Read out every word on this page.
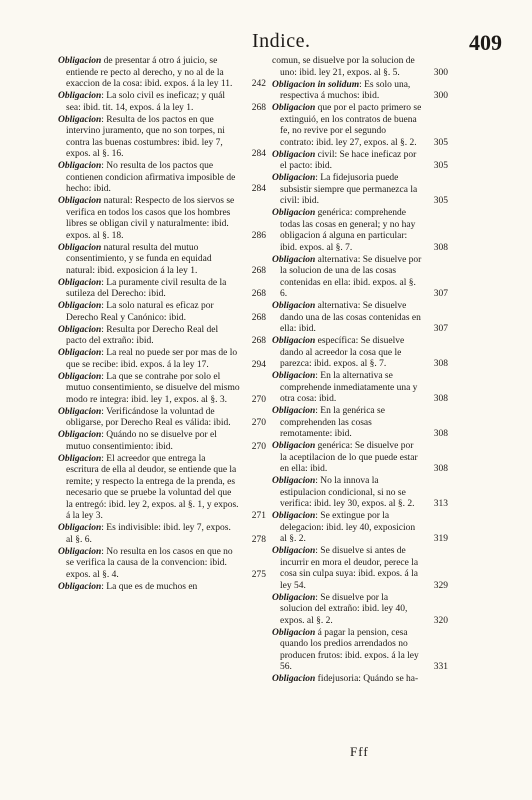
Indice.	409
Obligacion de presentar á otro á juicio, se entiende re pecto al derecho, y no al de la exaccion de la cosa: ibid. expos. á la ley 11. 242
Obligacion: La solo civil es ineficaz; y quál sea: ibid. tit. 14, expos. á la ley 1.	268
Obligacion: Resulta de los pactos en que intervino juramento, que no son torpes, ni contra las buenas costumbres: ibid. ley 7, expos. al §. 16.	284
Obligacion: No resulta de los pactos que contienen condicion afirmativa imposible de hecho: ibid.	284
Obligacion natural: Respecto de los siervos se verifica en todos los casos que los hombres libres se obligan civil y naturalmente: ibid. expos. al §. 18.	286
Obligacion natural resulta del mutuo consentimiento, y se funda en equidad natural: ibid. exposicion á la ley 1.	268
Obligacion: La puramente civil resulta de la sutileza del Derecho: ibid.	268
Obligacion: La solo natural es eficaz por Derecho Real y Canónico: ibid.	268
Obligacion: Resulta por Derecho Real del pacto del extraño: ibid.	268
Obligacion: La real no puede ser por mas de lo que se recibe: ibid. expos. á la ley 17.	294
Obligacion: La que se contrahe por solo el mutuo consentimiento, se disuelve del mismo modo re integra: ibid. ley 1, expos. al §. 3.	270
Obligacion: Verificándose la voluntad de obligarse, por Derecho Real es válida: ibid. 270
Obligacion: Quándo no se disuelve por el mutuo consentimiento: ibid.	270
Obligacion: El acreedor que entrega la escritura de ella al deudor, se entiende que la remite; y respecto la entrega de la prenda, es necesario que se pruebe la voluntad del que la entregó: ibid. ley 2, expos. al §. 1, y expos. á la ley 3.	271
Obligacion: Es indivisible: ibid. ley 7, expos. al §. 6.	278
Obligacion: No resulta en los casos en que no se verifica la causa de la convencion: ibid. expos. al §. 4.	275
Obligacion: La que es de muchos en
comun, se disuelve por la solucion de uno: ibid. ley 21, expos. al §. 5.	300
Obligacion in solidum: Es solo una, respectiva á muchos: ibid.	300
Obligacion que por el pacto primero se extinguió, en los contratos de buena fe, no revive por el segundo contrato: ibid. ley 27, expos. al §. 2. 305
Obligacion civil: Se hace ineficaz por el pacto: ibid.	305
Obligacion: La fidejusoria puede subsistir siempre que permanezca la civil: ibid.	305
Obligacion genérica: comprehende todas las cosas en general; y no hay obligacion á alguna en particular: ibid. expos. al §. 7.	308
Obligacion alternativa: Se disuelve por la solucion de una de las cosas contenidas en ella: ibid. expos. al §. 6.	307
Obligacion alternativa: Se disuelve dando una de las cosas contenidas en ella: ibid.	307
Obligacion específica: Se disuelve dando al acreedor la cosa que le parezca: ibid. expos. al §. 7.	308
Obligacion: En la alternativa se comprehende inmediatamente una y otra cosa: ibid.	308
Obligacion: En la genérica se comprehenden las cosas remotamente: ibid.	308
Obligacion genérica: Se disuelve por la aceptilacion de lo que puede estar en ella: ibid.	308
Obligacion: No la innova la estipulacion condicional, si no se verifica: ibid. ley 30, expos. al §. 2. 313
Obligacion: Se extingue por la delegacion: ibid. ley 40, exposicion al §. 2.	319
Obligacion: Se disuelve si antes de incurrir en mora el deudor, perece la cosa sin culpa suya: ibid. expos. á la ley 54.	329
Obligacion: Se disuelve por la solucion del extraño: ibid. ley 40, expos. al §. 2.	320
Obligacion á pagar la pension, cesa quando los predios arrendados no producen frutos: ibid. expos. á la ley 56.	331
Obligacion fidejusoria: Quándo se ha-
Fff
